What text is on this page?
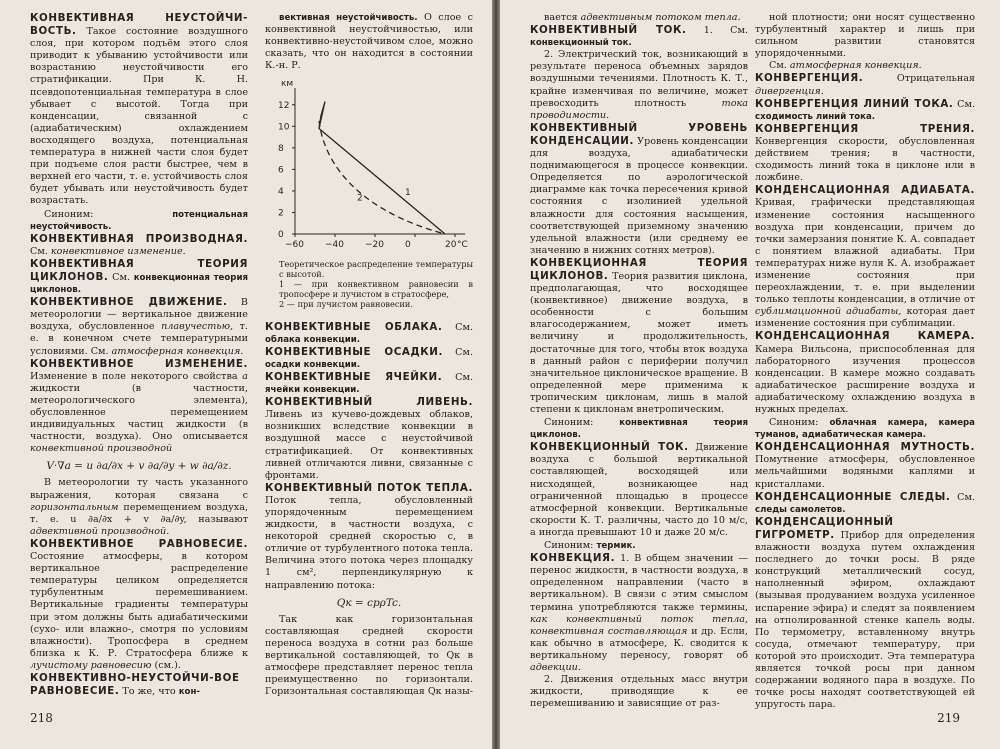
КОНВЕКТИВНАЯ НЕУСТОЙЧИ-ВОСТЬ. Такое состояние воздушного слоя, при котором подъём этого слоя приводит к убыванию устойчивости или возрастанию неустойчивости его стратификации. При К. Н. псевдопотенциальная температура в слое убывает с высотой. Тогда при конденсации, связанной с (адиабатическим) охлаждением восходящего воздуха, потенциальная температура в нижней части слоя будет при подъеме слоя расти быстрее, чем в верхней его части, т. е. устойчивость слоя будет убывать или неустойчивость будет возрастать.

Синоним: потенциальная неустойчивость.

КОНВЕКТИВНАЯ ПРОИЗВОДНАЯ. См. конвективное изменение.

КОНВЕКТИВНАЯ ТЕОРИЯ ЦИКЛОНОВ. См. конвекционная теория циклонов.

КОНВЕКТИВНОЕ ДВИЖЕНИЕ. В метеорологии — вертикальное движение воздуха, обусловленное плавучестью, т. е. в конечном счете температурными условиями. См. атмосферная конвекция.

КОНВЕКТИВНОЕ ИЗМЕНЕНИЕ. Изменение в поле некоторого свойства a жидкости (в частности, метеорологического элемента), обусловленное перемещением индивидуальных частиц жидкости (в частности, воздуха). Оно описывается конвективной производной

V·∇a = u ∂a/∂x + v ∂a/∂y + w ∂a/∂z.

В метеорологии ту часть указанного выражения, которая связана с горизонтальным перемещением воздуха, т. е. u ∂a/∂x + v ∂a/∂y, называют адвективной производной.

КОНВЕКТИВНОЕ РАВНОВЕСИЕ. Состояние атмосферы, в котором вертикальное распределение температуры целиком определяется турбулентным перемешиванием. Вертикальные градиенты температуры при этом должны быть адиабатическими (сухо- или влажно-, смотря по условиям влажности). Тропосфера в среднем близка к К. Р. Стратосфера ближе к лучистому равновесию (см.).

КОНВЕКТИВНО-НЕУСТОЙЧИ-ВОЕ РАВНОВЕСИЕ. То же, что кон-

вективная неустойчивость. О слое с конвективной неустойчивостью, или конвективно-неустойчивом слое, можно сказать, что он находится в состоянии К.-н. Р.

км
12
10
8
6
4
2
0
−60 −40 −20 0	20 °C
1
2

Теоретическое распределение температуры с высотой.

1 — при конвективном равновесии в тропосфере и лучистом в стратосфере,

2 — при лучистом равновесии.

КОНВЕКТИВНЫЕ ОБЛАКА. См. облака конвекции.

КОНВЕКТИВНЫЕ ОСАДКИ. См. осадки конвекции.

КОНВЕКТИВНЫЕ ЯЧЕЙКИ. См. ячейки конвекции.

КОНВЕКТИВНЫЙ ЛИВЕНЬ. Ливень из кучево-дождевых облаков, возникших вследствие конвекции в воздушной массе с неустойчивой стратификацией. От конвективных ливней отличаются ливни, связанные с фронтами.

КОНВЕКТИВНЫЙ ПОТОК ТЕПЛА. Поток тепла, обусловленный упорядоченным перемещением жидкости, в частности воздуха, с некоторой средней скоростью c, в отличие от турбулентного потока тепла. Величина этого потока через площадку 1 см², перпендикулярную к направлению потока:

Qк = cpρTc.

Так как горизонтальная составляющая средней скорости переноса воздуха в сотни раз больше вертикальной составляющей, то Qк в атмосфере представляет перенос тепла преимущественно по горизонтали. Горизонтальная составляющая Qк назы-

218

вается адвективным потоком тепла.

КОНВЕКТИВНЫЙ ТОК. 1. См. конвекционный ток.

2. Электрический ток, возникающий в результате переноса объемных зарядов воздушными течениями. Плотность К. Т., крайне изменчивая по величине, может превосходить плотность тока проводимости.

КОНВЕКТИВНЫЙ УРОВЕНЬ КОНДЕНСАЦИИ. Уровень конденсации для воздуха, адиабатически поднимающегося в процессе конвекции. Определяется по аэрологической диаграмме как точка пересечения кривой состояния с изолинией удельной влажности для состояния насыщения, соответствующей приземному значению удельной влажности (или среднему ее значению в нижних сотнях метров).

КОНВЕКЦИОННАЯ ТЕОРИЯ ЦИКЛОНОВ. Теория развития циклона, предполагающая, что восходящее (конвективное) движение воздуха, в особенности с большим влагосодержанием, может иметь величину и продолжительность, достаточные для того, чтобы вток воздуха в данный район с периферии получил значительное циклоническое вращение. В определенной мере применима к тропическим циклонам, лишь в малой степени к циклонам внетропическим.

Синоним: конвективная теория циклонов.

КОНВЕКЦИОННЫЙ ТОК. Движение воздуха с большой вертикальной составляющей, восходящей или нисходящей, возникающее над ограниченной площадью в процессе атмосферной конвекции. Вертикальные скорости К. Т. различны, часто до 10 м/с, а иногда превышают 10 и даже 20 м/с.

Синоним: термик.

КОНВЕКЦИЯ. 1. В общем значении — перенос жидкости, в частности воздуха, в определенном направлении (часто в вертикальном). В связи с этим смыслом термина употребляются также термины, как конвективный поток тепла, конвективная составляющая и др. Если, как обычно в атмосфере, К. сводится к вертикальному переносу, говорят об адвекции.

2. Движения отдельных масс внутри жидкости, приводящие к ее перемешиванию и зависящие от раз-

ной плотности; они носят существенно турбулентный характер и лишь при сильном развитии становятся упорядоченными.

См. атмосферная конвекция.

КОНВЕРГЕНЦИЯ.	Отрицательная дивергенция.

КОНВЕРГЕНЦИЯ ЛИНИЙ ТОКА. См. сходимость линий тока.

КОНВЕРГЕНЦИЯ ТРЕНИЯ. Конвергенция скорости, обусловленная действием трения; в частности, сходимость линий тока в циклоне или в ложбине.

КОНДЕНСАЦИОННАЯ АДИАБАТА. Кривая, графически представляющая изменение состояния насыщенного воздуха при конденсации, причем до точки замерзания понятие К. А. совпадает с понятием влажной адиабаты. При температурах ниже нуля К. А. изображает изменение состояния при переохлаждении, т. е. при выделении только теплоты конденсации, в отличие от сублимационной адиабаты, которая дает изменение состояния при сублимации.

КОНДЕНСАЦИОННАЯ КАМЕРА. Камера Вильсона, приспособленная для лабораторного изучения процессов конденсации. В камере можно создавать адиабатическое расширение воздуха и адиабатическому охлаждению воздуха в нужных пределах.

Синоним: облачная камера, камера туманов, адиабатическая камера.

КОНДЕНСАЦИОННАЯ МУТНОСТЬ. Помутнение атмосферы, обусловленное мельчайшими водяными каплями и кристаллами.

КОНДЕНСАЦИОННЫЕ СЛЕДЫ. См. следы самолетов.

КОНДЕНСАЦИОННЫЙ ГИГРОМЕТР. Прибор для определения влажности воздуха путем охлаждения последнего до точки росы. В ряде конструкций металлический сосуд, наполненный эфиром, охлаждают (вызывая продуванием воздуха усиленное испарение эфира) и следят за появлением на отполированной стенке капель воды. По термометру, вставленному внутрь сосуда, отмечают температуру, при которой это происходит. Эта температура является точкой росы при данном содержании водяного пара в воздухе. По точке росы находят соответствующей ей упругость пара.

219
